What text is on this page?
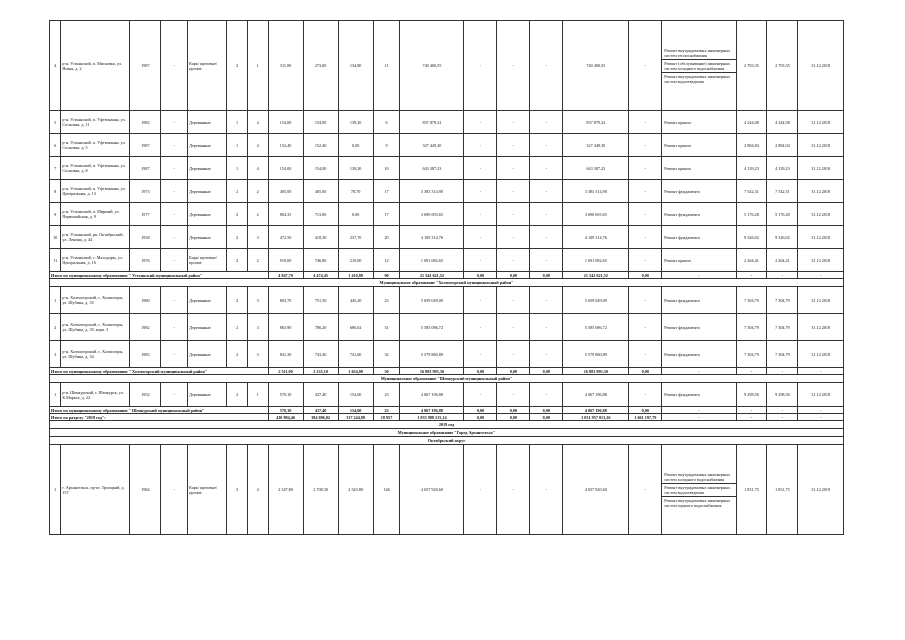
4	р-н. Устьянский, п. Мисковка, ул. Новая, д. 2	1987	-	Карк/ щитовые/прочие	2	1	311,00	273,00	134,80	11	740 400,55	-	-	-	740 400,55	-	Ремонт внутридомовых инженерных систем теплоснабжения
Ремонт (обслуживание) инженерных систем холодного водоснабжения
Ремонт внутридомовых инженерных систем водоотведения	2 703,35	2 703,35	31.12.2018
5	р-н. Устьянский, п. Уфтюжанка, ул. Сосновая, д. 11	1982	-	Деревянные	1	4	154,00	154,00	139,20	6	837 879,32	-	-	-	837 879,32	-	Ремонт крыши	4 244,08	4 244,08	31.12.2018
6	р-н. Устьянский, п. Уфтюжанка, ул. Сосновая, д. 5	1987	-	Деревянные	1	4	152,40	152,40	0,00	9	327 449,30	-	-	-	327 449,30	-	Ремонт крыши	2 884,84	2 884,04	31.12.2018
7	р-н. Устьянский, п. Уфтюжанка, ул. Сосновая, д. 8	1987	-	Деревянные	1	4	154,00	154,00	139,20	10	643 387,23	-	-	-	643 387,23	-	Ремонт крыши	4 139,23	4 139,23	31.12.2018
8	р-н. Устьянский, п. Уфтюжанка, ул. Центральная, д. 13	1973	-	Деревянные	2	2	405,00	405,00	78,70	17	3 383 314,90	-	-	-	3 383 314,90	-	Ремонт фундамента	7 542,31	7 542,51	31.12.2018
9	р-н. Устьянский, п. Мирный, ул. Первомайская, д. 9	1977	-	Деревянные	2	2	804,35	713,00	0,00	17	3 690 693,65	-	-	-	3 690 693,65	-	Ремонт фундамента	5 176,28	5 176,28	31.12.2018
10	р-н. Устьянский, рп. Октябрьский, ул. Ленина, д. 44	1938	-	Деревянные	2	3	472,50	418,30	237,70	20	4 109 314,76	-	-	-	4 109 314,76	-	Ремонт фундамента	9 326,02	9 326,02	31.12.2018
11	р-н. Устьянский, с. Малодоры, ул. Центральная, д. 16	1976	-	Карк/ щитовые/прочие	2	2	910,00	746,80	210,00	12	1 691 082,65	-	-	-	1 691 082,65	-	Ремонт крыши	2 264,41	2 264,41	31.12.2018
Итого по муниципальному образованию " Устьянский муниципальный район"							4 847,70	4 474,45	1 410,80	90	21 542 621,52	0,00	0,00	0,00	21 542 621,52	0,00	-	-	-	-
Муниципальное образование "Холмогорский муниципальный район"																				
1	р-н. Холмогорский, с. Холмогоры, ул. Шубина, д. 35	1980	-	Деревянные	2	3	803,70	751,50	445,20	23	5 659 049,09	-	-	-	5 659 049,09	-	Ремонт фундамента	7 304,79	7 304,79	31.12.2018
2	р-н. Холмогорский, с. Холмогоры, ул. Шубина, д. 35, корп. 3	1982	-	Деревянные	2	3	863,90	786,20	686,02	31	5 585 086,72	-	-	-	5 585 086,72	-	Ремонт фундамента	7 304,79	7 304,79	31.12.2018
3	р-н. Холмогорский, с. Холмогоры, ул. Шубина, д. 34	1983	-	Деревянные	2	3	841,30	743,40	741,60	32	5 579 860,89	-	-	-	5 579 860,89	-	Ремонт фундамента	7 304,79	7 304,79	31.12.2018
Итого по муниципальному образованию " Холмогорский муниципальный район"							2 511,90	2 235,10	1 654,00	50	16 883 995,30	0,00	0,00	0,00	16 883 995,30	0,00	-	-	-	-
Муниципальное образование "Шенкурский муниципальный район"																				
1	р-н. Шенкурский, г. Шенкурск, ул. К.Маркса, д. 22	1952	-	Деревянные	2	1	570,10	437,40	154,60	23	4 067 196,88	-	-	-	4 067 196,88	-	Ремонт фундамента	9 298,56	9 298,56	31.12.2018
Итого по муниципальному образованию " Шенкурский муниципальный район"							570,10	437,40	154,60	23	4 067 196,88	0,00	0,00	0,00	4 067 196,88	0,00	-	-	-	-
Итого по разделу "2018 год":							430 884,46	384 096,02	317 244,88	18 957	1 035 988 215,14	0,00	0,00	0,00	1 031 957 013,26	1 661 197,79	-	-	-	-
2019 год																				
Муниципальное образование "Город Архангельск"																				
Октябрьский округ																				
1	г. Архангельск, пр-кт. Троицкий, д. 157	1984	-	Карк/ щитовые/прочие	3	4	2 347,80	2 708,30	2 543,80	146	4 657 920,60	-	-	-	4 657 920,60	-	Ремонт внутридомовых инженерных систем холодного водоснабжения
Ремонт внутридомовых инженерных систем водоотведения
Ремонт внутридомовых инженерных систем горячего водоснабжения	1 831,75	1 831,75	31.12.2019
